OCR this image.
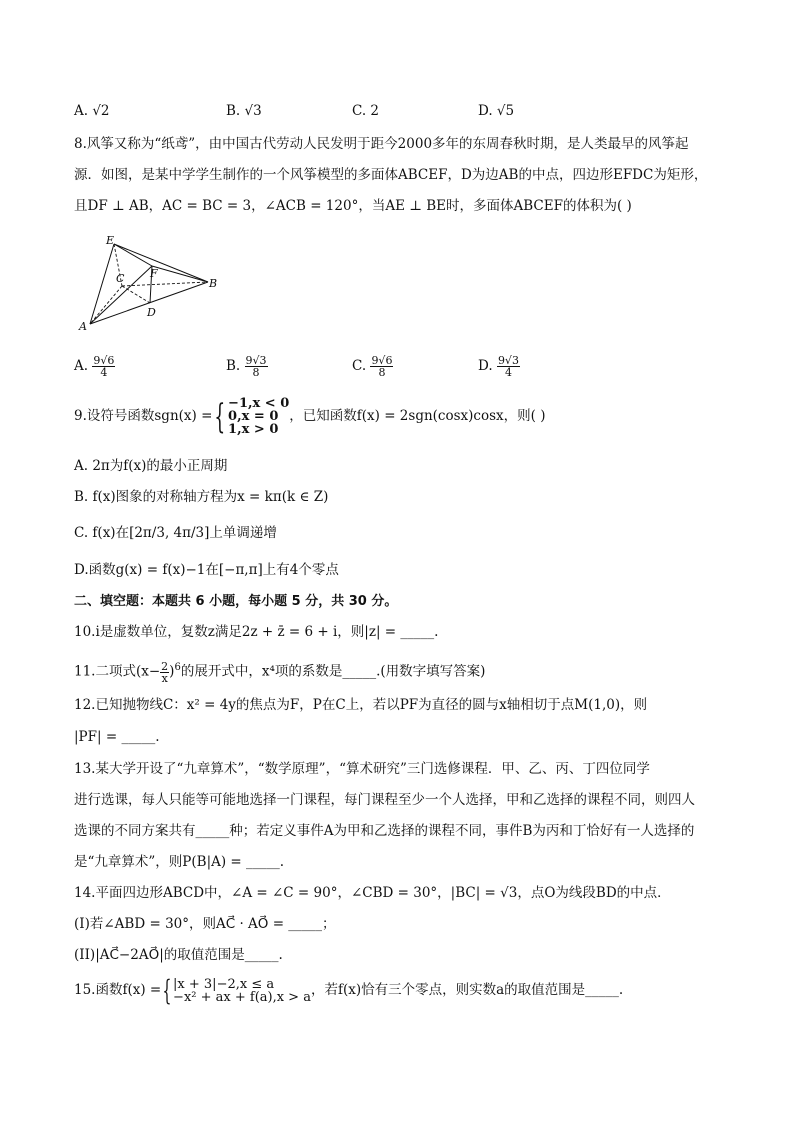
A. √2	B. √3	C. 2	D. √5
8.风筝又称为“纸鸢”，由中国古代劳动人民发明于距今2000多年的东周春秋时期，是人类最早的风筝起
源．如图，是某中学学生制作的一个风筝模型的多面体ABCEF，D为边AB的中点，四边形EFDC为矩形，
且DF ⊥ AB，AC = BC = 3，∠ACB = 120°，当AE ⊥ BE时，多面体ABCEF的体积为( )
E
C F
B
D
A
A. $\frac{9√6}{4}$	B. $\frac{9√3}{8}$	C. $\frac{9√6}{8}$	D. $\frac{9√3}{4}$
9.设符号函数sgn(x) ={ −1,x < 0
0,x = 0
1,x > 0
，已知函数f(x) = 2sgn(cosx)cosx，则( )
A. 2π为f(x)的最小正周期
B. f(x)图象的对称轴方程为x = kπ(k ∈ Z)
C. f(x)在[2π/3, 4π/3]上单调递增
D.函数g(x) = f(x)−1在[−π,π]上有4个零点
二、填空题：本题共 6 小题，每小题 5 分，共 30 分。
10.i是虚数单位，复数z满足2z + z̄ = 6 + i，则|z| = _____.
11.二项式$(x- \frac{2}{x} )^6$的展开式中，x⁴项的系数是_____.(用数字填写答案)
12.已知抛物线C：x² = 4y的焦点为F，P在C上，若以PF为直径的圆与x轴相切于点M(1,0)，则
|PF| = _____.
13.某大学开设了“九章算术”，“数学原理”，“算术研究”三门选修课程．甲、乙、丙、丁四位同学
进行选课，每人只能等可能地选择一门课程，每门课程至少一个人选择，甲和乙选择的课程不同，则四人
选课的不同方案共有_____种；若定义事件A为甲和乙选择的课程不同，事件B为丙和丁恰好有一人选择的
是“九章算术”，则P(B|A) = _____.
14.平面四边形ABCD中，∠A = ∠C = 90°，∠CBD = 30°，|BC| = √3，点O为线段BD的中点．
(I)若∠ABD = 30°，则AC⃗ · AO⃗ = _____；
(II)|AC⃗−2AO⃗|的取值范围是_____.
15.函数f(x) ={ |x + 3|−2,x ≤ a
−x² + ax + f(a),x > a ，若f(x)恰有三个零点，则实数a的取值范围是_____.
